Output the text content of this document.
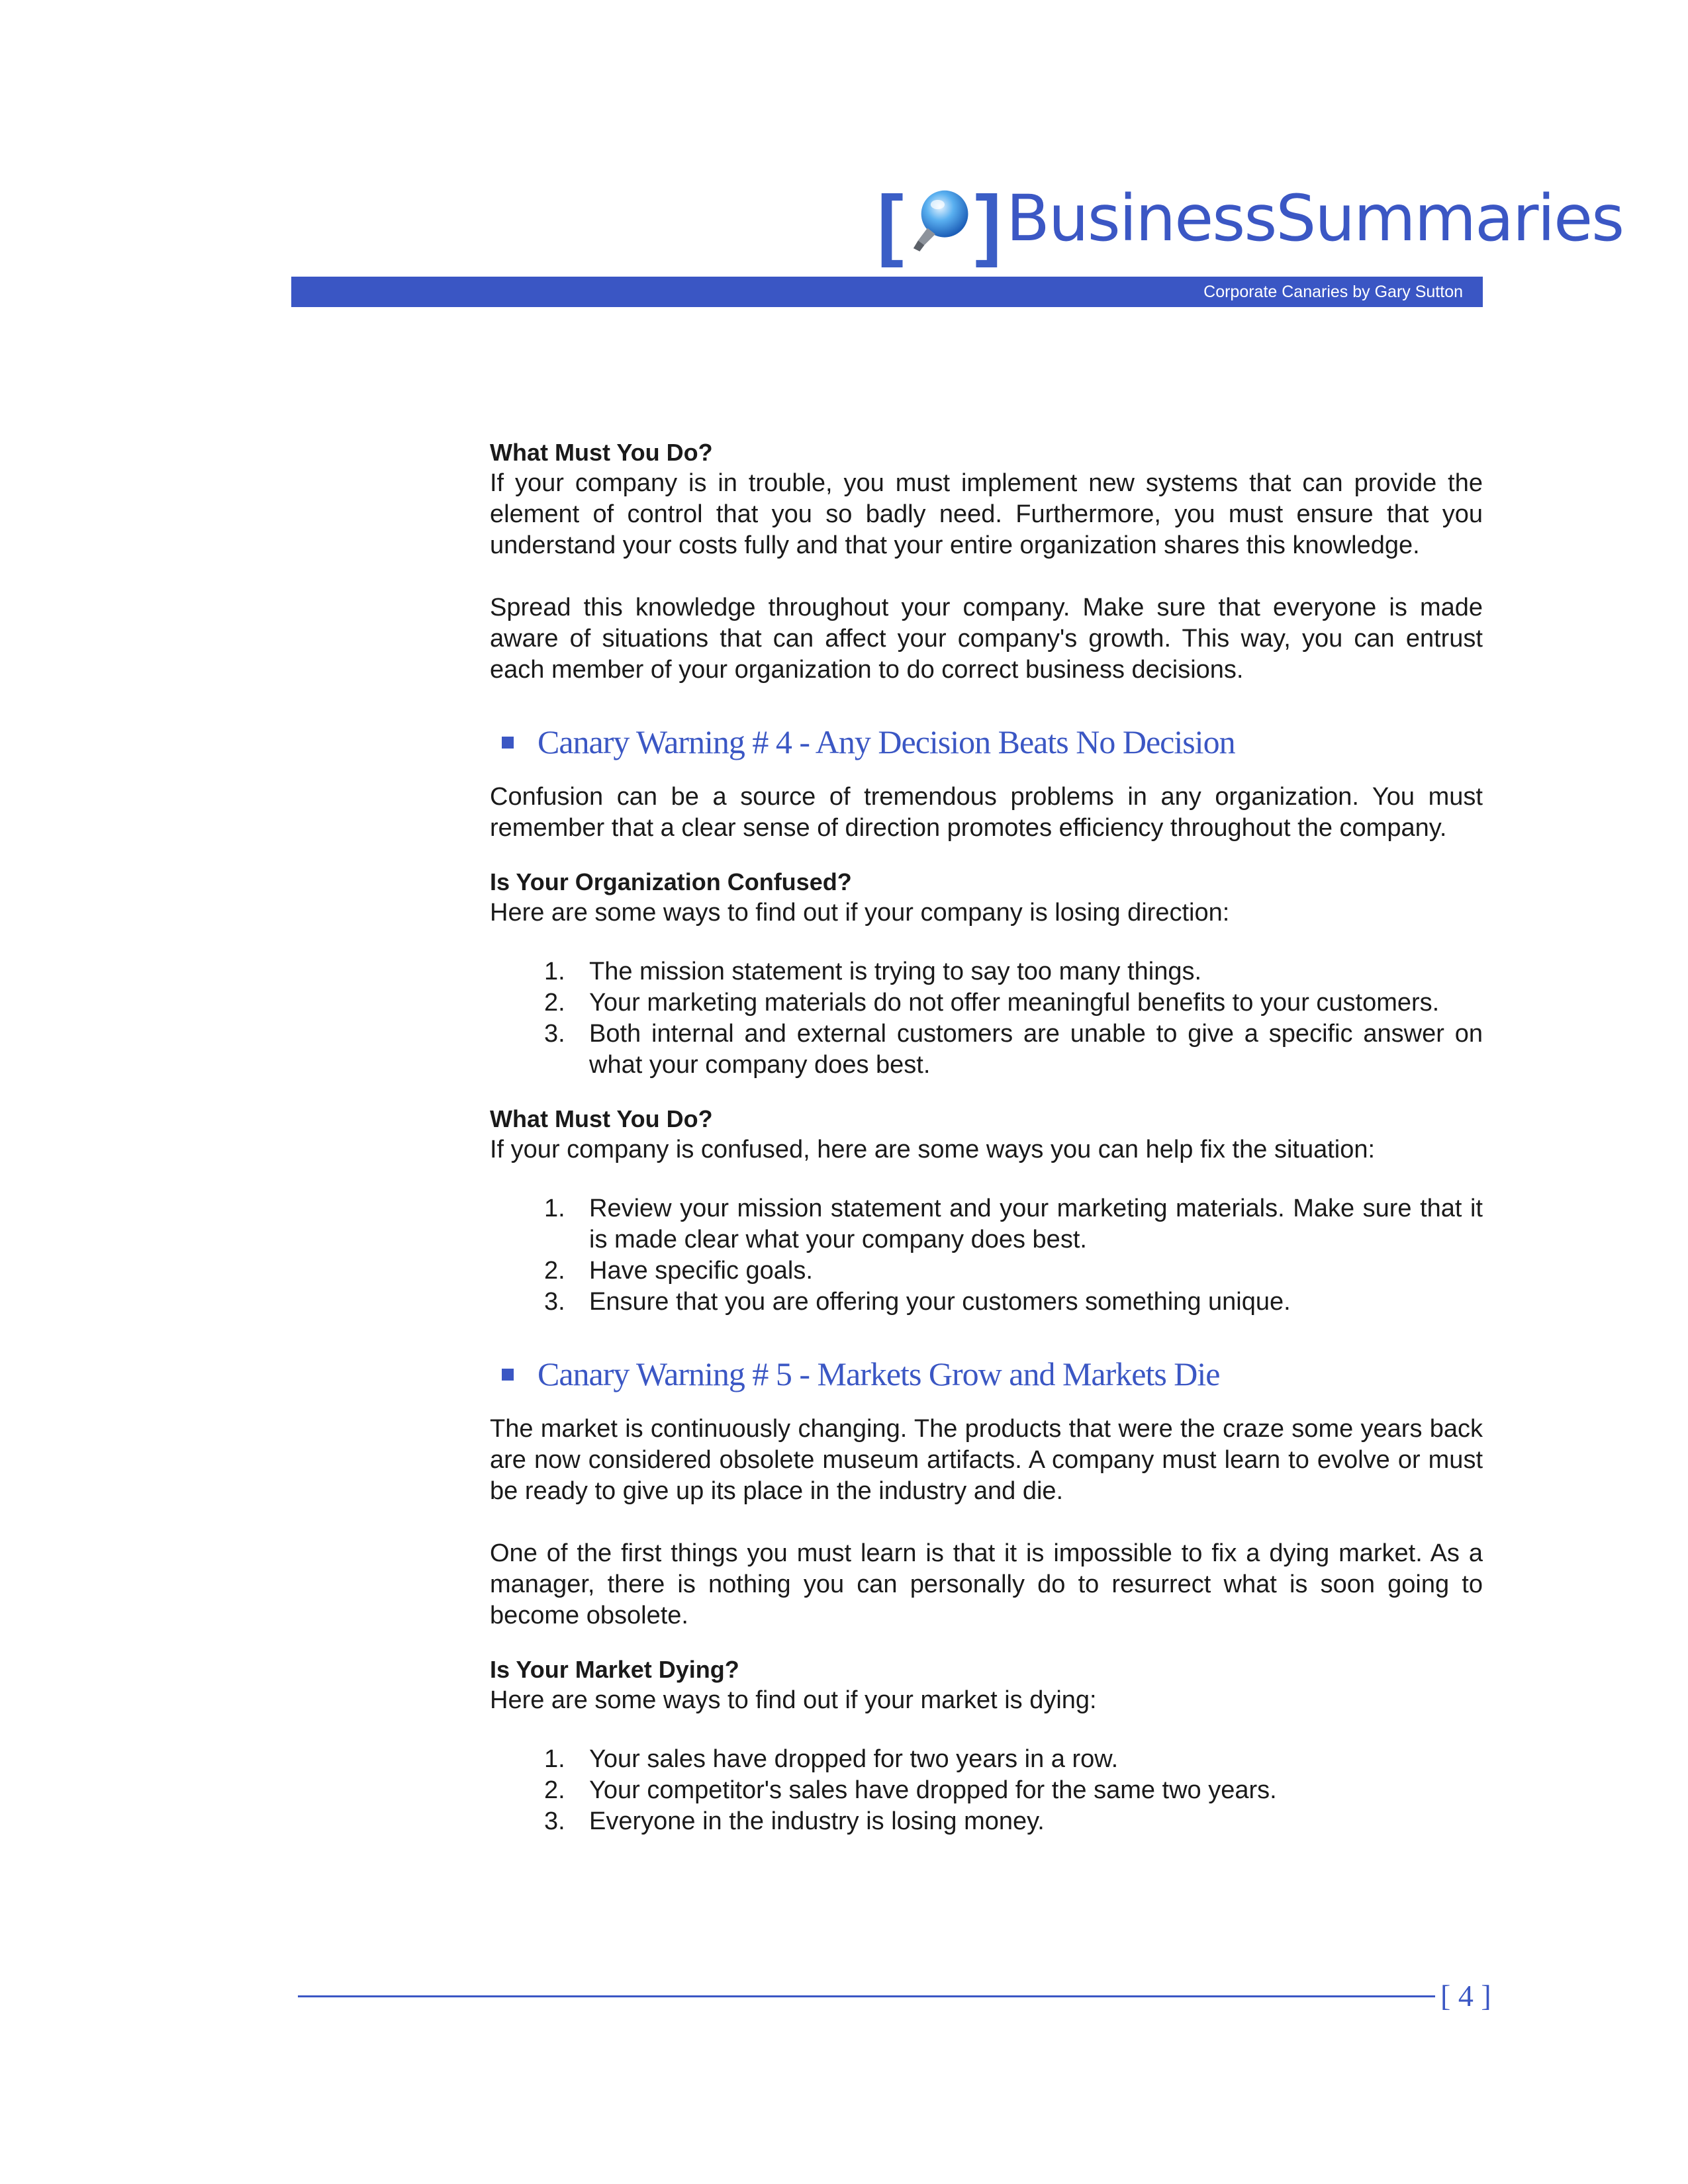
[ ] BusinessSummaries
Corporate Canaries by Gary Sutton

What Must You Do?

If your company is in trouble, you must implement new systems that can provide the element of control that you so badly need. Furthermore, you must ensure that you understand your costs fully and that your entire organization shares this knowledge.

Spread this knowledge throughout your company. Make sure that everyone is made aware of situations that can affect your company's growth. This way, you can entrust each member of your organization to do correct business decisions.

Canary Warning # 4 - Any Decision Beats No Decision

Confusion can be a source of tremendous problems in any organization. You must remember that a clear sense of direction promotes efficiency throughout the company.

Is Your Organization Confused?

Here are some ways to find out if your company is losing direction:

1. The mission statement is trying to say too many things.
2. Your marketing materials do not offer meaningful benefits to your customers.
3. Both internal and external customers are unable to give a specific answer on what your company does best.

What Must You Do?

If your company is confused, here are some ways you can help fix the situation:

1. Review your mission statement and your marketing materials. Make sure that it is made clear what your company does best.
2. Have specific goals.
3. Ensure that you are offering your customers something unique.
Canary Warning # 5 - Markets Grow and Markets Die

The market is continuously changing. The products that were the craze some years back are now considered obsolete museum artifacts. A company must learn to evolve or must be ready to give up its place in the industry and die.

One of the first things you must learn is that it is impossible to fix a dying market. As a manager, there is nothing you can personally do to resurrect what is soon going to become obsolete.

Is Your Market Dying?

Here are some ways to find out if your market is dying:

1. Your sales have dropped for two years in a row.
2. Your competitor's sales have dropped for the same two years.
3. Everyone in the industry is losing money.
[ 4 ]
